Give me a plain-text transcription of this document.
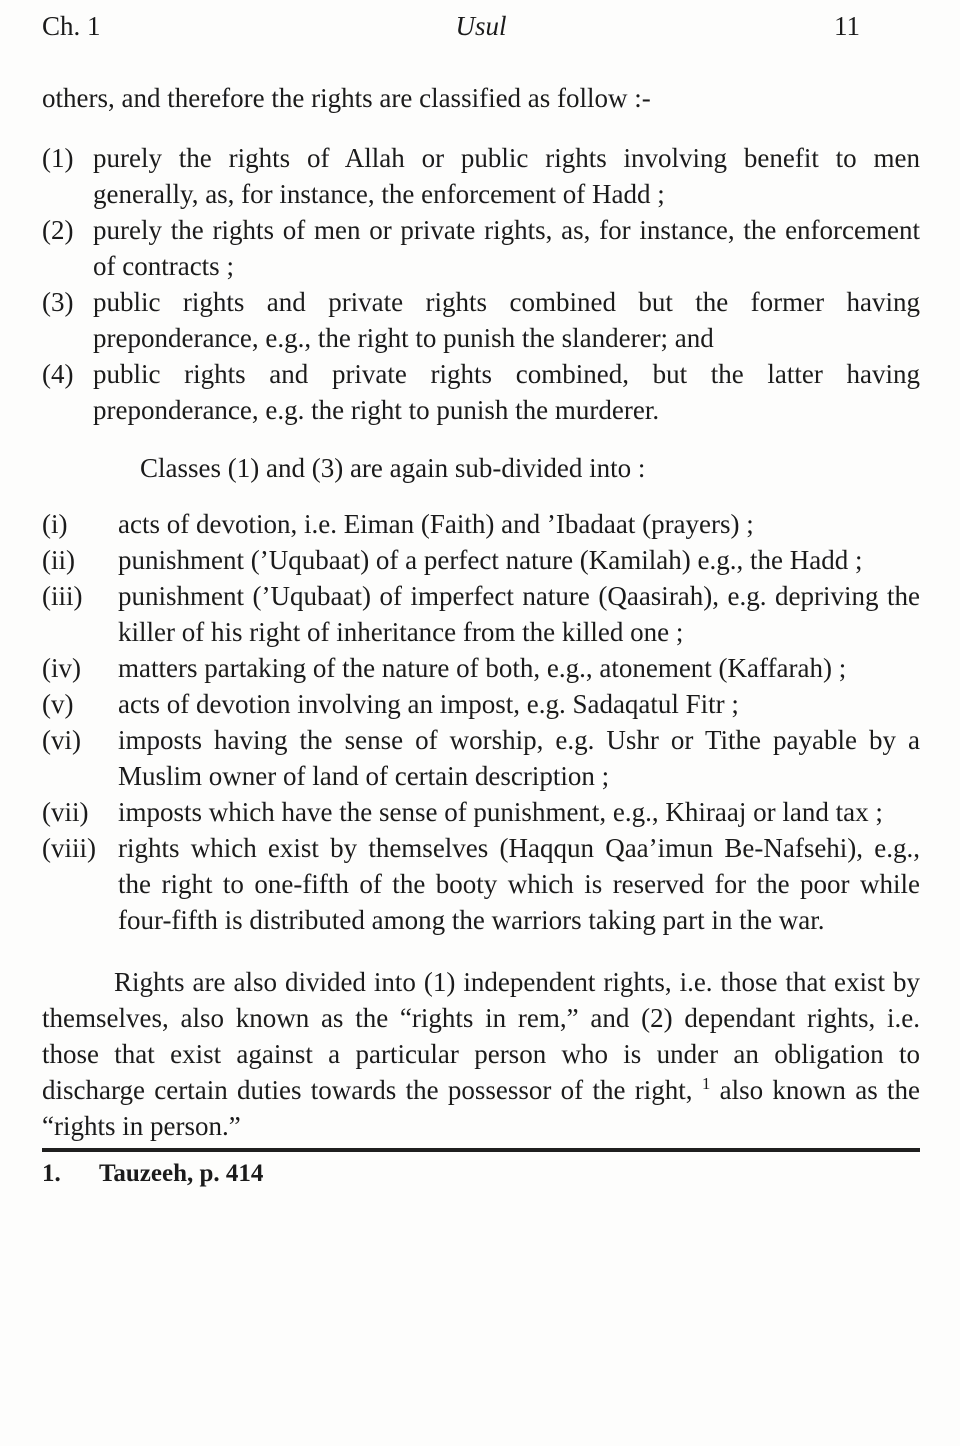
Ch. 1	Usul	11

others, and therefore the rights are classified as follow :-

(1) purely the rights of Allah or public rights involving benefit to men generally, as, for instance, the enforcement of Hadd ;
(2) purely the rights of men or private rights, as, for instance, the enforcement of contracts ;
(3) public rights and private rights combined but the former having preponderance, e.g., the right to punish the slanderer; and
(4) public rights and private rights combined, but the latter having preponderance, e.g. the right to punish the murderer.

Classes (1) and (3) are again sub-divided into :

(i)	acts of devotion, i.e. Eiman (Faith) and ’Ibadaat (prayers) ;
(ii)	punishment (’Uqubaat) of a perfect nature (Kamilah) e.g., the Hadd ;
(iii)	punishment (’Uqubaat) of imperfect nature (Qaasirah), e.g. depriving the killer of his right of inheritance from the killed one ;
(iv)	matters partaking of the nature of both, e.g., atonement (Kaffarah) ;
(v)	acts of devotion involving an impost, e.g. Sadaqatul Fitr ;
(vi)	imposts having the sense of worship, e.g. Ushr or Tithe payable by a Muslim owner of land of certain description ;
(vii)	imposts which have the sense of punishment, e.g., Khiraaj or land tax ;
(viii) rights which exist by themselves (Haqqun Qaa’imun Be-Nafsehi), e.g., the right to one-fifth of the booty which is reserved for the poor while four-fifth is distributed among the warriors taking part in the war.

Rights are also divided into (1) independent rights, i.e. those that exist by themselves, also known as the “rights in rem,” and (2) dependant rights, i.e. those that exist against a particular person who is under an obligation to discharge certain duties towards the possessor of the right, $^1$ also known as the “rights in person.”

1.	Tauzeeh, p. 414
